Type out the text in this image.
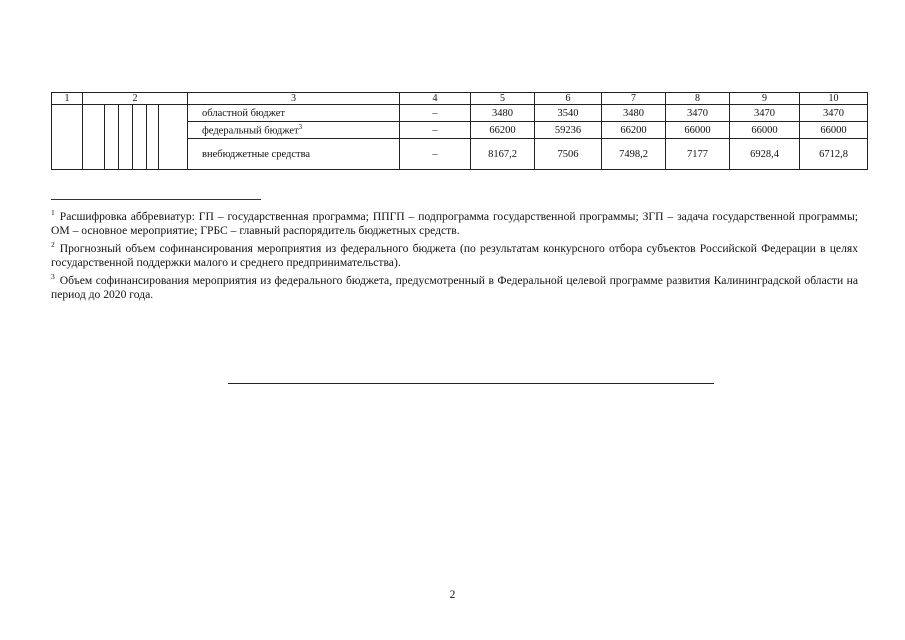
1	2						3	4	5	6	7	8	9	10
							областной бюджет	–	3480	3540	3480	3470	3470	3470
							федеральный бюджет$^3$	–	66200	59236	66200	66000	66000	66000
							внебюджетные средства	–	8167,2	7506	7498,2	7177	6928,4	6712,8

$^1$ Расшифровка аббревиатур: ГП – государственная программа; ППГП – подпрограмма государственной программы; ЗГП – задача государственной программы; ОМ – основное мероприятие; ГРБС – главный распорядитель бюджетных средств.

$^2$ Прогнозный объем софинансирования мероприятия из федерального бюджета (по результатам конкурсного отбора субъектов Российской Федерации в целях государственной поддержки малого и среднего предпринимательства).

$^3$ Объем софинансирования мероприятия из федерального бюджета, предусмотренный в Федеральной целевой программе развития Калининградской области на период до 2020 года.

2
